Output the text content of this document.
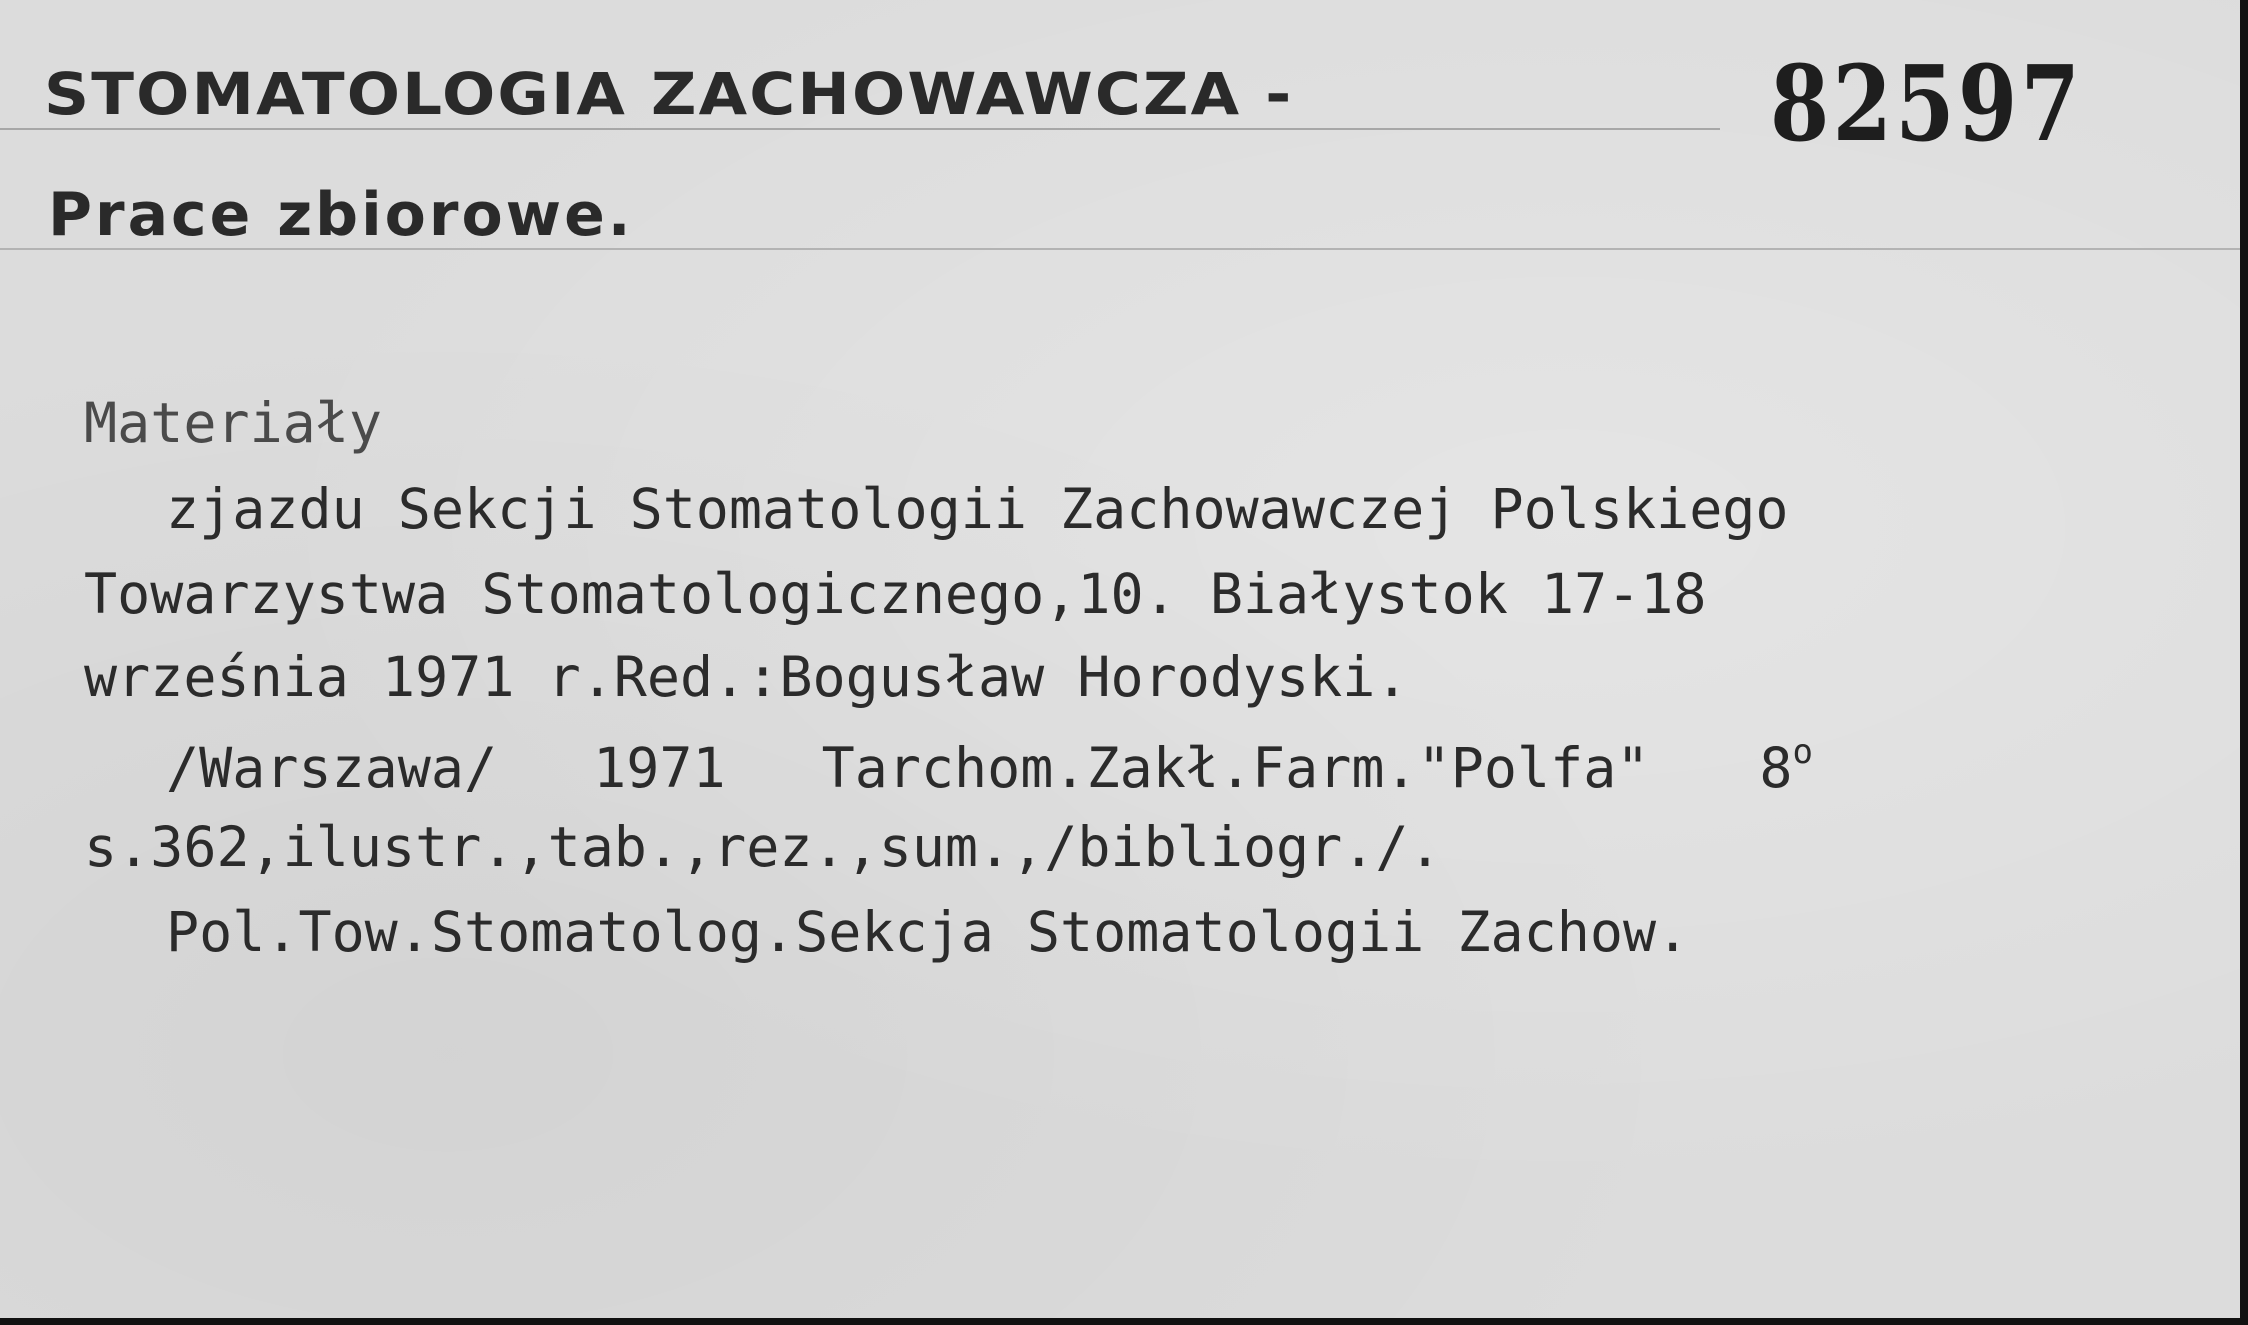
STOMATOLOGIA ZACHOWAWCZA -
Prace zbiorowe.
82597
Materiały
zjazdu Sekcji Stomatologii Zachowawczej Polskiego
Towarzystwa Stomatologicznego,10. Białystok 17-18
września 1971 r.Red.:Bogusław Horodyski.
/Warszawa/ 1971 Tarchom.Zakł.Farm."Polfa" 8$^o$
s.362,ilustr.,tab.,rez.,sum.,/bibliogr./.
Pol.Tow.Stomatolog.Sekcja Stomatologii Zachow.
